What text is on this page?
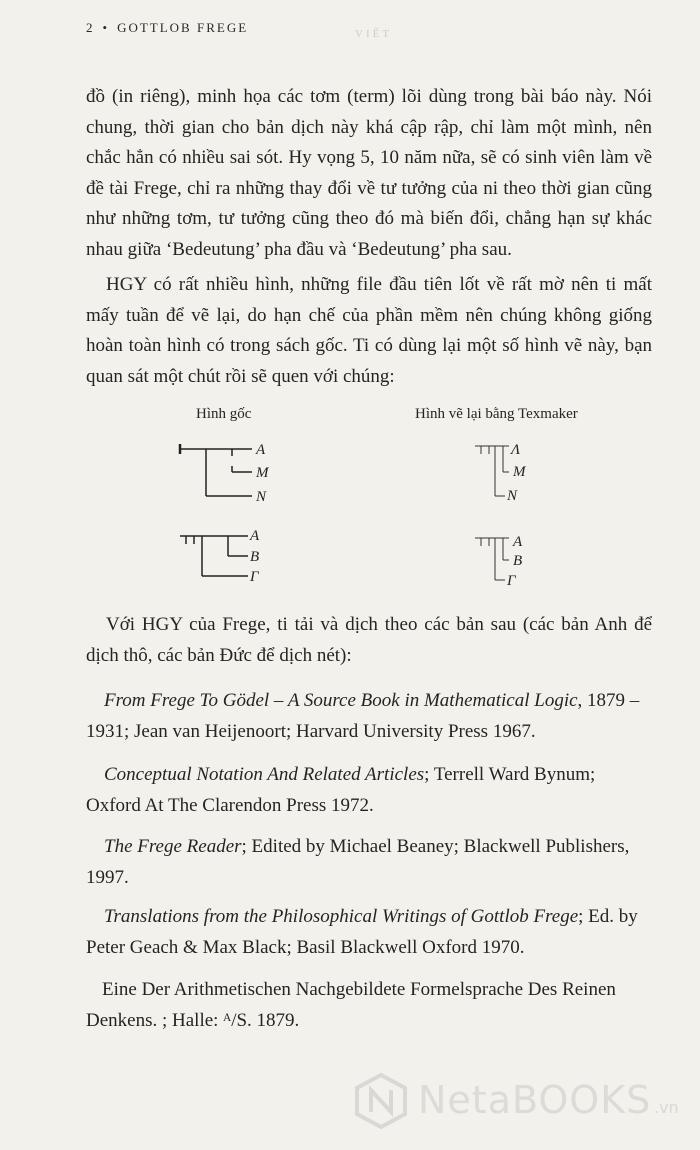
2 • GOTTLOB FREGE	VIẾT

đồ (in riêng), minh họa các tơm (term) lõi dùng trong bài báo này. Nói chung, thời gian cho bản dịch này khá cập rập, chỉ làm một mình, nên chắc hẳn có nhiều sai sót. Hy vọng 5, 10 năm nữa, sẽ có sinh viên làm về đề tài Frege, chỉ ra những thay đổi về tư tưởng của ni theo thời gian cũng như những tơm, tư tưởng cũng theo đó mà biến đổi, chẳng hạn sự khác nhau giữa ‘Bedeutung’ pha đầu và ‘Bedeutung’ pha sau.

HGY có rất nhiều hình, những file đầu tiên lốt về rất mờ nên ti mất mấy tuần để vẽ lại, do hạn chế của phần mềm nên chúng không giống hoàn toàn hình có trong sách gốc. Ti có dùng lại một số hình vẽ này, bạn quan sát một chút rồi sẽ quen với chúng:

Hình gốc	Hình vẽ lại bằng Texmaker
A
M
N
A
B
Γ
Λ
M
N
A
B
Γ

Với HGY của Frege, ti tải và dịch theo các bản sau (các bản Anh để dịch thô, các bản Đức để dịch nét):

From Frege To Gödel – A Source Book in Mathematical Logic, 1879 – 1931; Jean van Heijenoort; Harvard University Press 1967.

Conceptual Notation And Related Articles; Terrell Ward Bynum; Oxford At The Clarendon Press 1972.

The Frege Reader; Edited by Michael Beaney; Blackwell Publishers, 1997.

Translations from the Philosophical Writings of Gottlob Frege; Ed. by Peter Geach & Max Black; Basil Blackwell Oxford 1970.

Eine Der Arithmetischen Nachgebildete Formelsprache Des Reinen Denkens. ; Halle: ᴬ/S. 1879.

NetaBOOKS .vn
